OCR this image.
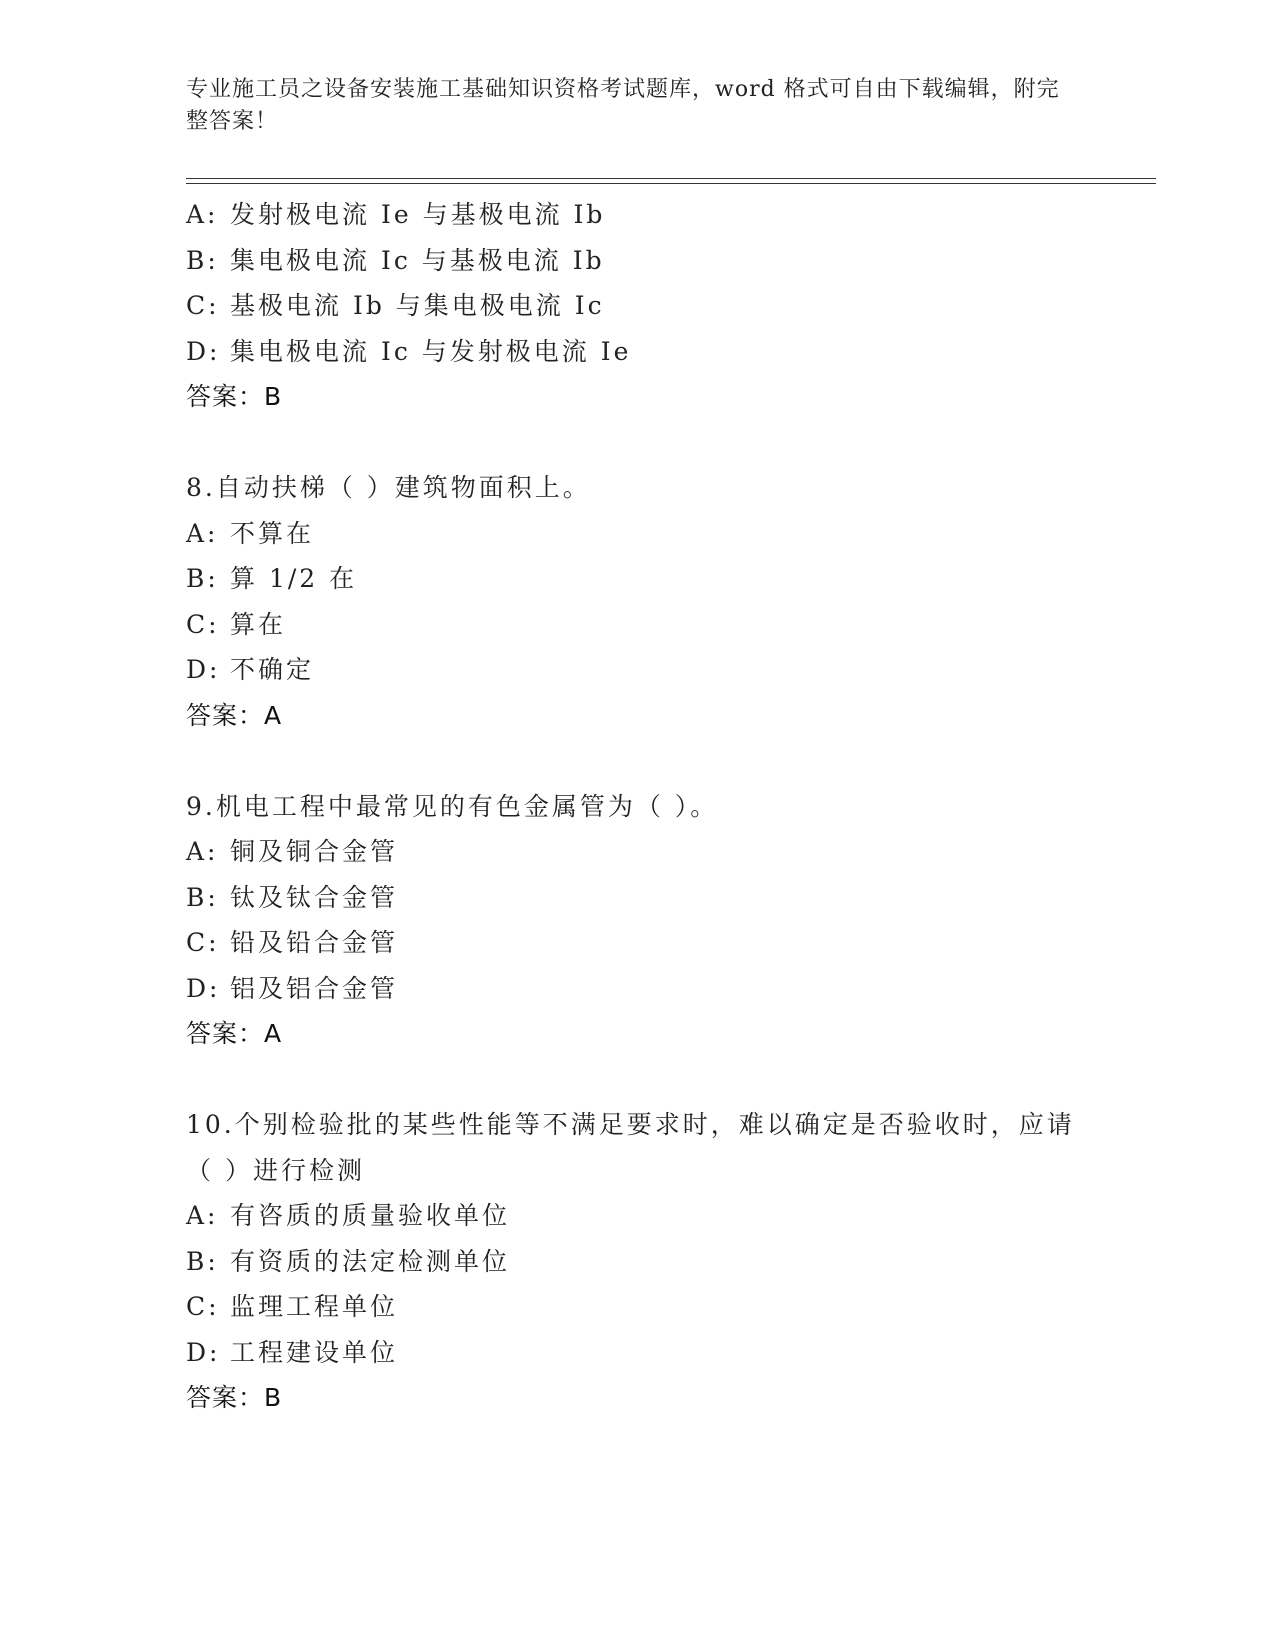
专业施工员之设备安装施工基础知识资格考试题库，word 格式可自由下载编辑，附完整答案！
A: 发射极电流 Ie 与基极电流 Ib
B: 集电极电流 Ic 与基极电流 Ib
C: 基极电流 Ib 与集电极电流 Ic
D: 集电极电流 Ic 与发射极电流 Ie
答案：B
8.自动扶梯（ ）建筑物面积上。
A: 不算在
B: 算 1/2 在
C: 算在
D: 不确定
答案：A
9.机电工程中最常见的有色金属管为（ ）。
A: 铜及铜合金管
B: 钛及钛合金管
C: 铅及铅合金管
D: 铝及铝合金管
答案：A
10.个别检验批的某些性能等不满足要求时，难以确定是否验收时，应请（ ）进行检测
A: 有咨质的质量验收单位
B: 有资质的法定检测单位
C: 监理工程单位
D: 工程建设单位
答案：B
